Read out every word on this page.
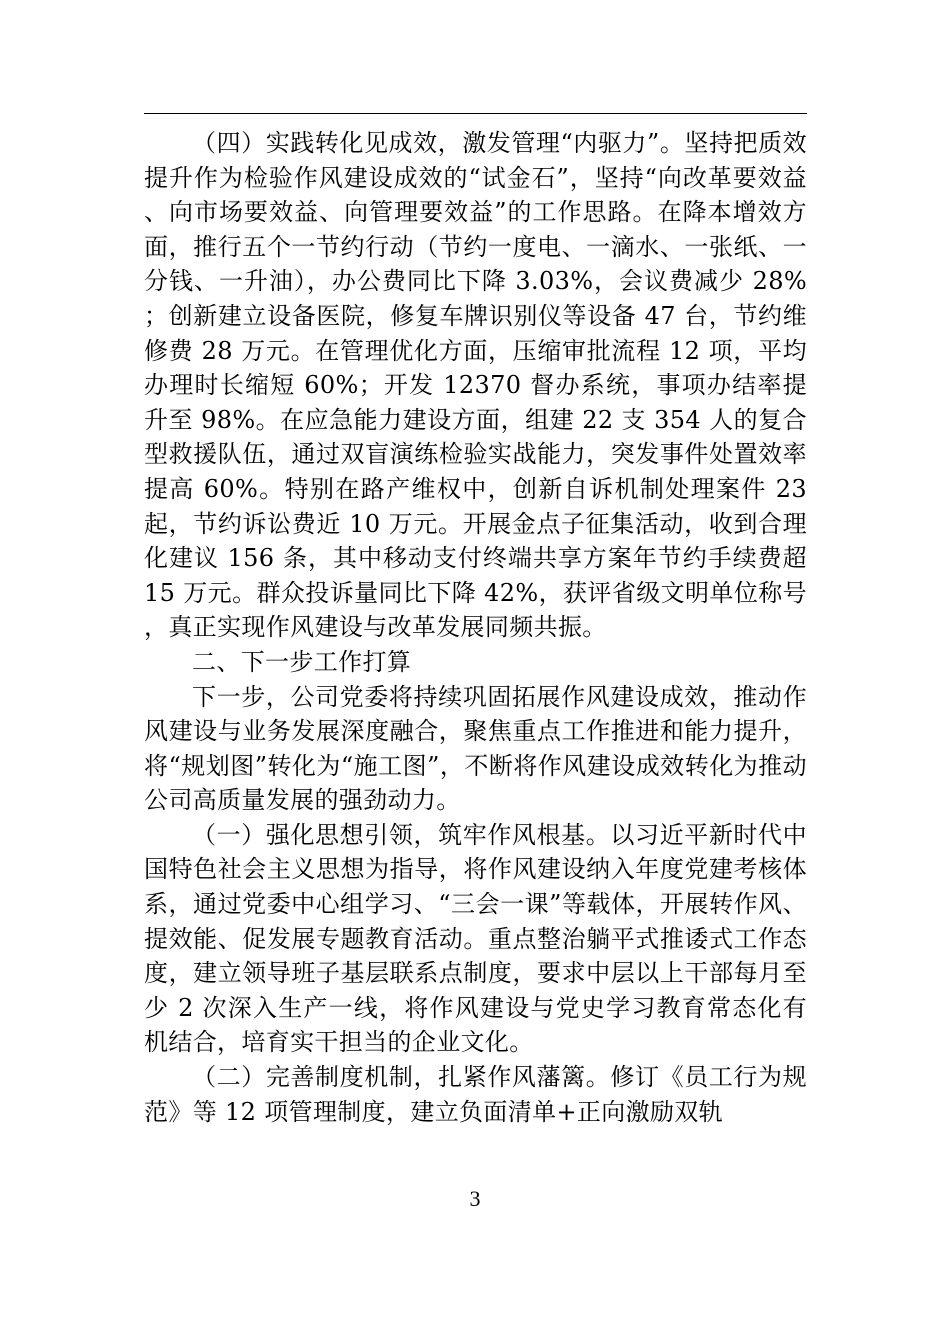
（四）实践转化见成效，激发管理“内驱力”。坚持把质效提升作为检验作风建设成效的“试金石”，坚持“向改革要效益、向市场要效益、向管理要效益”的工作思路。在降本增效方面，推行五个一节约行动（节约一度电、一滴水、一张纸、一分钱、一升油），办公费同比下降 3.03%，会议费减少 28%；创新建立设备医院，修复车牌识别仪等设备 47 台，节约维修费 28 万元。在管理优化方面，压缩审批流程 12 项，平均办理时长缩短 60%；开发 12370 督办系统，事项办结率提升至 98%。在应急能力建设方面，组建 22 支 354 人的复合型救援队伍，通过双盲演练检验实战能力，突发事件处置效率提高 60%。特别在路产维权中，创新自诉机制处理案件 23 起，节约诉讼费近 10 万元。开展金点子征集活动，收到合理化建议 156 条，其中移动支付终端共享方案年节约手续费超 15 万元。群众投诉量同比下降 42%，获评省级文明单位称号，真正实现作风建设与改革发展同频共振。

二、下一步工作打算

下一步，公司党委将持续巩固拓展作风建设成效，推动作风建设与业务发展深度融合，聚焦重点工作推进和能力提升，将“规划图”转化为“施工图”，不断将作风建设成效转化为推动公司高质量发展的强劲动力。

（一）强化思想引领，筑牢作风根基。以习近平新时代中国特色社会主义思想为指导，将作风建设纳入年度党建考核体系，通过党委中心组学习、“三会一课”等载体，开展转作风、提效能、促发展专题教育活动。重点整治躺平式推诿式工作态度，建立领导班子基层联系点制度，要求中层以上干部每月至少 2 次深入生产一线，将作风建设与党史学习教育常态化有机结合，培育实干担当的企业文化。

（二）完善制度机制，扎紧作风藩篱。修订《员工行为规范》等 12 项管理制度，建立负面清单+正向激励双轨

3
